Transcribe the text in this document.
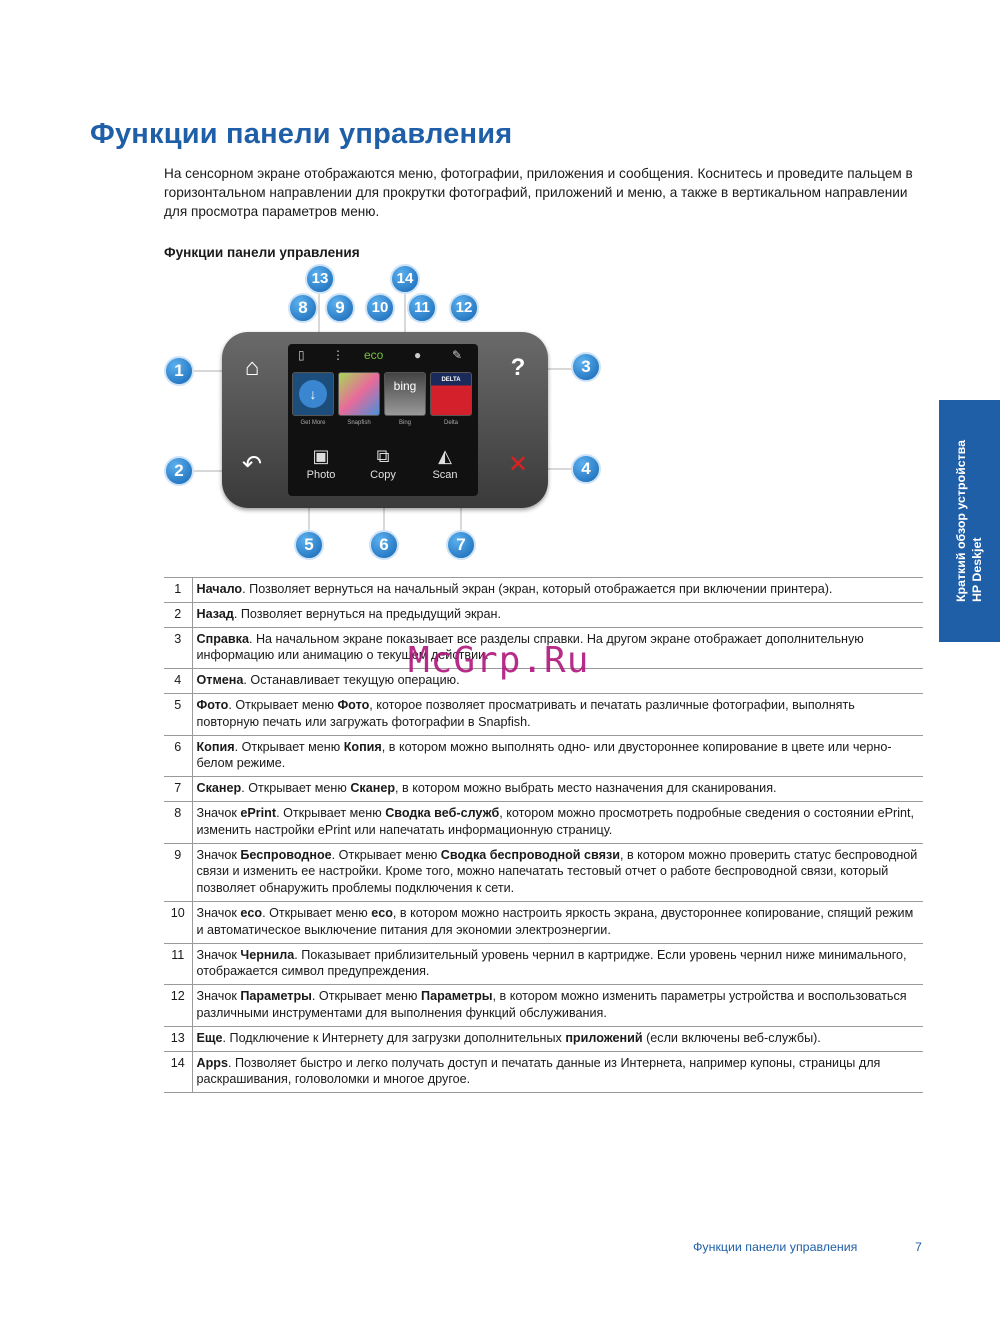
Функции панели управления
На сенсорном экране отображаются меню, фотографии, приложения и сообщения. Коснитесь и проведите пальцем в горизонтальном направлении для прокрутки фотографий, приложений и меню, а также в вертикальном направлении для просмотра параметров меню.
Функции панели управления
⌂
↶
?
✕
▯ ⋮ eco	●	✎
↓
Get More	Snapfish
bing
Bing
DELTA
Delta
▣
Photo
⧉
Copy
◭
Scan
1
2
3
4
5	6	7
8	9	10	11	12
13	14
1	Начало. Позволяет вернуться на начальный экран (экран, который отображается при включении принтера).
2	Назад. Позволяет вернуться на предыдущий экран.
3	Справка. На начальном экране показывает все разделы справки. На другом экране отображает дополнительную информацию или анимацию о текущем действии.
4	Отмена. Останавливает текущую операцию.
5	Фото. Открывает меню Фото, которое позволяет просматривать и печатать различные фотографии, выполнять повторную печать или загружать фотографии в Snapfish.
6	Копия. Открывает меню Копия, в котором можно выполнять одно- или двустороннее копирование в цвете или черно-белом режиме.
7	Сканер. Открывает меню Сканер, в котором можно выбрать место назначения для сканирования.
8	Значок ePrint. Открывает меню Сводка веб-служб, котором можно просмотреть подробные сведения о состоянии ePrint, изменить настройки ePrint или напечатать информационную страницу.
9	Значок Беспроводное. Открывает меню Сводка беспроводной связи, в котором можно проверить статус беспроводной связи и изменить ее настройки. Кроме того, можно напечатать тестовый отчет о работе беспроводной связи, который позволяет обнаружить проблемы подключения к сети.
10	Значок eco. Открывает меню eco, в котором можно настроить яркость экрана, двустороннее копирование, спящий режим и автоматическое выключение питания для экономии электроэнергии.
11	Значок Чернила. Показывает приблизительный уровень чернил в картридже. Если уровень чернил ниже минимального, отображается символ предупреждения.
12	Значок Параметры. Открывает меню Параметры, в котором можно изменить параметры устройства и воспользоваться различными инструментами для выполнения функций обслуживания.
13	Еще. Подключение к Интернету для загрузки дополнительных приложений (если включены веб-службы).
14	Apps. Позволяет быстро и легко получать доступ и печатать данные из Интернета, например купоны, страницы для раскрашивания, головоломки и многое другое.
McGrp.Ru
Краткий обзор устройства HP Deskjet
Функции панели управления	7
